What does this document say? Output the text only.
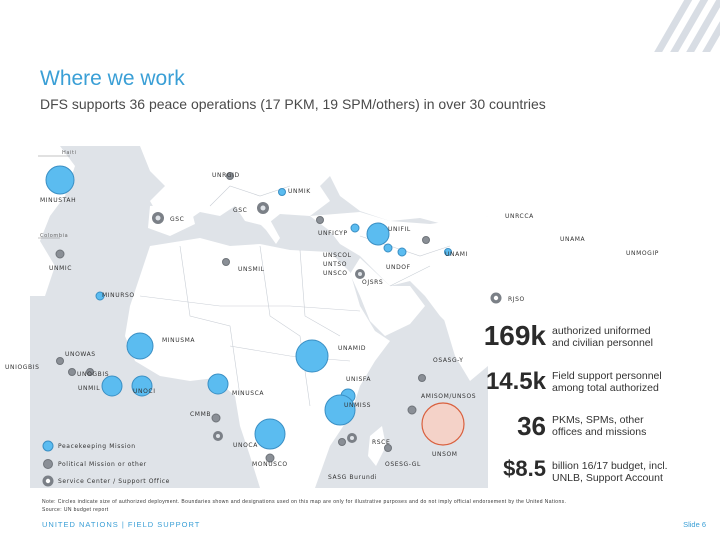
Where we work
DFS supports 36 peace operations (17 PKM, 19 SPM/others) in over 30 countries
Haiti
UNRGID
UNMIK
MINUSTAH
GSC
GSC	UNRCCA
UNFICYP
UNIFIL
Colombia	UNAMA
UNMOGIP
UNAMI
UNSCOL
UNTSO
UNSCO
UNDOF
UNMIC	UNSMIL
OJSRS
MINURSO
RJSO
MINUSMA
UNAMID
UNOWAS
OSASG-Y
UNIOGBIS
UNOGBIS
UNISFA
UNMIL	UNOCI	MINUSCA	AMISOM/UNSOS
UNMISS
CMMB
UNOCA	RSCE
UNSOM
MONUSCO	OSESG-GL
SASG Burundi
Peacekeeping Mission
Political Mission or other
Service Center / Support Office
169k authorized uniformed
and civilian personnel
14.5k Field support personnel
among total authorized
36 PKMs, SPMs, other
offices and missions
$8.5 billion 16/17 budget, incl.
UNLB, Support Account
Note: Circles indicate size of authorized deployment. Boundaries shown and designations used on this map are only for illustrative purposes and do not imply official endorsement by the United Nations.
Source: UN budget report
UNITED NATIONS | FIELD SUPPORT	Slide 6
